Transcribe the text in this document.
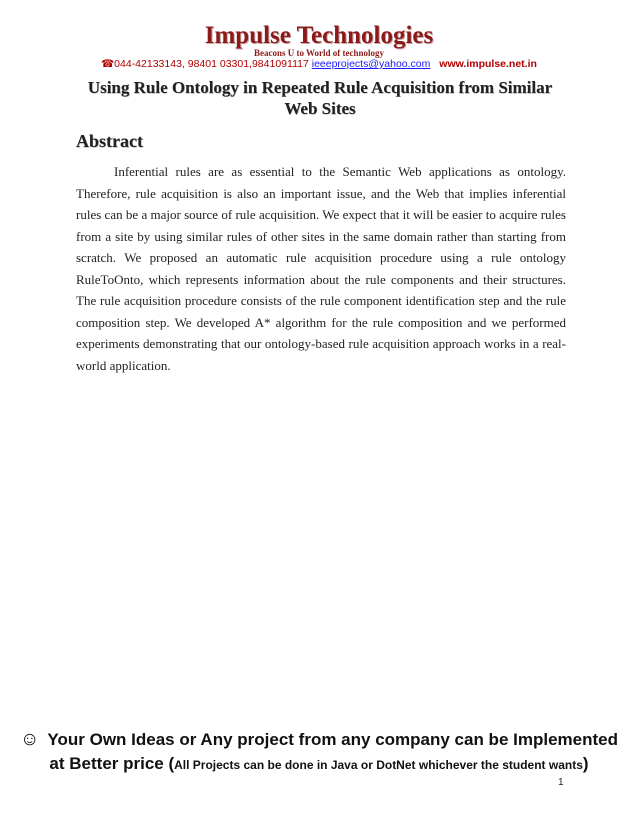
Impulse Technologies
Beacons U to World of technology
☎044-42133143, 98401 03301,9841091117 ieeeprojects@yahoo.com www.impulse.net.in
Using Rule Ontology in Repeated Rule Acquisition from Similar Web Sites
Abstract
Inferential rules are as essential to the Semantic Web applications as ontology. Therefore, rule acquisition is also an important issue, and the Web that implies inferential rules can be a major source of rule acquisition. We expect that it will be easier to acquire rules from a site by using similar rules of other sites in the same domain rather than starting from scratch. We proposed an automatic rule acquisition procedure using a rule ontology RuleToOnto, which represents information about the rule components and their structures. The rule acquisition procedure consists of the rule component identification step and the rule composition step. We developed A* algorithm for the rule composition and we performed experiments demonstrating that our ontology-based rule acquisition approach works in a real-world application.
☺ Your Own Ideas or Any project from any company can be Implemented
at Better price (All Projects can be done in Java or DotNet whichever the student wants)
1
